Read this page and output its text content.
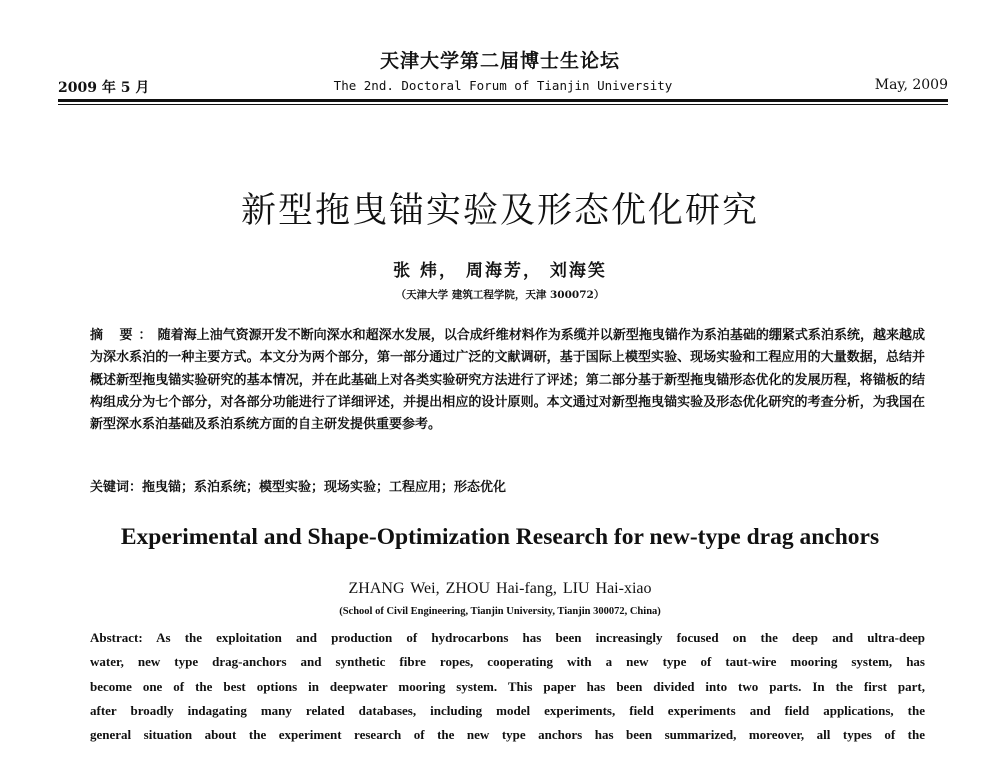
天津大学第二届博士生论坛
2009 年 5 月	The 2nd. Doctoral Forum of Tianjin University	May, 2009
新型拖曳锚实验及形态优化研究
张 炜， 周海芳， 刘海笑
（天津大学 建筑工程学院，天津 300072）
摘 要：随着海上油气资源开发不断向深水和超深水发展，以合成纤维材料作为系缆并以新型拖曳锚作为系泊基础的绷紧式系泊系统，越来越成为深水系泊的一种主要方式。本文分为两个部分，第一部分通过广泛的文献调研，基于国际上模型实验、现场实验和工程应用的大量数据，总结并概述新型拖曳锚实验研究的基本情况，并在此基础上对各类实验研究方法进行了评述；第二部分基于新型拖曳锚形态优化的发展历程，将锚板的结构组成分为七个部分，对各部分功能进行了详细评述，并提出相应的设计原则。本文通过对新型拖曳锚实验及形态优化研究的考查分析，为我国在新型深水系泊基础及系泊系统方面的自主研发提供重要参考。
关键词：拖曳锚；系泊系统；模型实验；现场实验；工程应用；形态优化
Experimental and Shape-Optimization Research for new-type drag anchors
ZHANG Wei, ZHOU Hai-fang, LIU Hai-xiao
(School of Civil Engineering, Tianjin University, Tianjin 300072, China)
Abstract: As the exploitation and production of hydrocarbons has been increasingly focused on the deep and ultra-deep
water, new type drag-anchors and synthetic fibre ropes, cooperating with a new type of taut-wire mooring system, has
become one of the best options in deepwater mooring system. This paper has been divided into two parts. In the first part,
after broadly indagating many related databases, including model experiments, field experiments and field applications, the
general situation about the experiment research of the new type anchors has been summarized, moreover, all types of the
